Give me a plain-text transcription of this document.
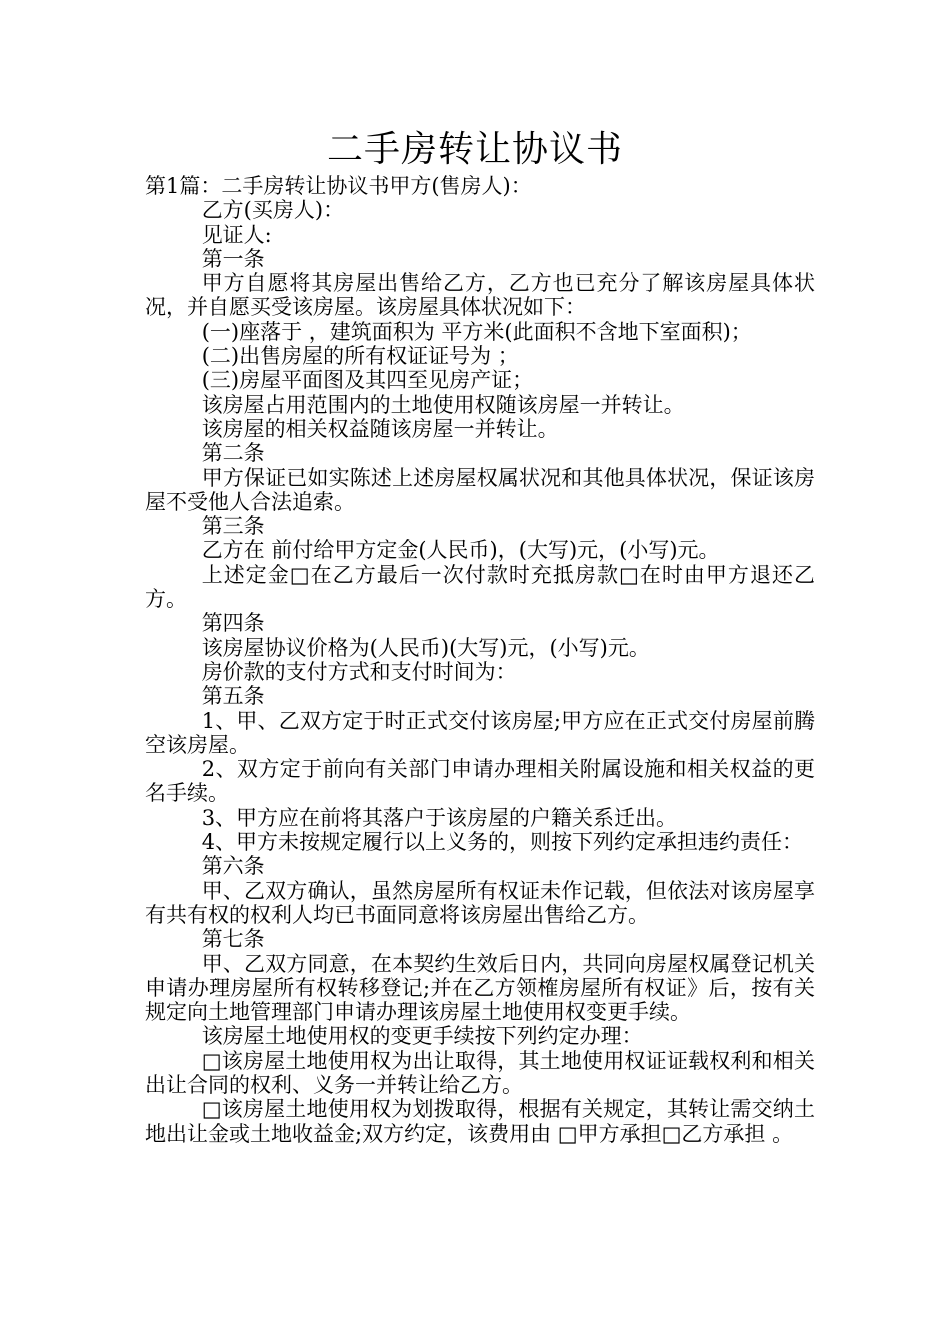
二手房转让协议书

第1篇：二手房转让协议书甲方(售房人)：

乙方(买房人)：

见证人:

第一条

甲方自愿将其房屋出售给乙方，乙方也已充分了解该房屋具体状况，并自愿买受该房屋。该房屋具体状况如下：

(一)座落于 ，建筑面积为 平方米(此面积不含地下室面积)；

(二)出售房屋的所有权证证号为 ；

(三)房屋平面图及其四至见房产证；

该房屋占用范围内的土地使用权随该房屋一并转让。

该房屋的相关权益随该房屋一并转让。

第二条

甲方保证已如实陈述上述房屋权属状况和其他具体状况，保证该房屋不受他人合法追索。

第三条

乙方在 前付给甲方定金(人民币)，(大写)元，(小写)元。

上述定金□在乙方最后一次付款时充抵房款□在时由甲方退还乙方。

第四条

该房屋协议价格为(人民币)(大写)元，(小写)元。

房价款的支付方式和支付时间为：

第五条

1、甲、乙双方定于时正式交付该房屋;甲方应在正式交付房屋前腾空该房屋。

2、双方定于前向有关部门申请办理相关附属设施和相关权益的更名手续。

3、甲方应在前将其落户于该房屋的户籍关系迁出。

4、甲方未按规定履行以上义务的，则按下列约定承担违约责任：

第六条

甲、乙双方确认，虽然房屋所有权证未作记载，但依法对该房屋享有共有权的权利人均已书面同意将该房屋出售给乙方。

第七条

甲、乙双方同意，在本契约生效后日内，共同向房屋权属登记机关申请办理房屋所有权转移登记;并在乙方领榷房屋所有权证》后，按有关规定向土地管理部门申请办理该房屋土地使用权变更手续。

该房屋土地使用权的变更手续按下列约定办理：

□该房屋土地使用权为出让取得，其土地使用权证证载权利和相关出让合同的权利、义务一并转让给乙方。

□该房屋土地使用权为划拨取得，根据有关规定，其转让需交纳土地出让金或土地收益金;双方约定，该费用由 □甲方承担□乙方承担 。
